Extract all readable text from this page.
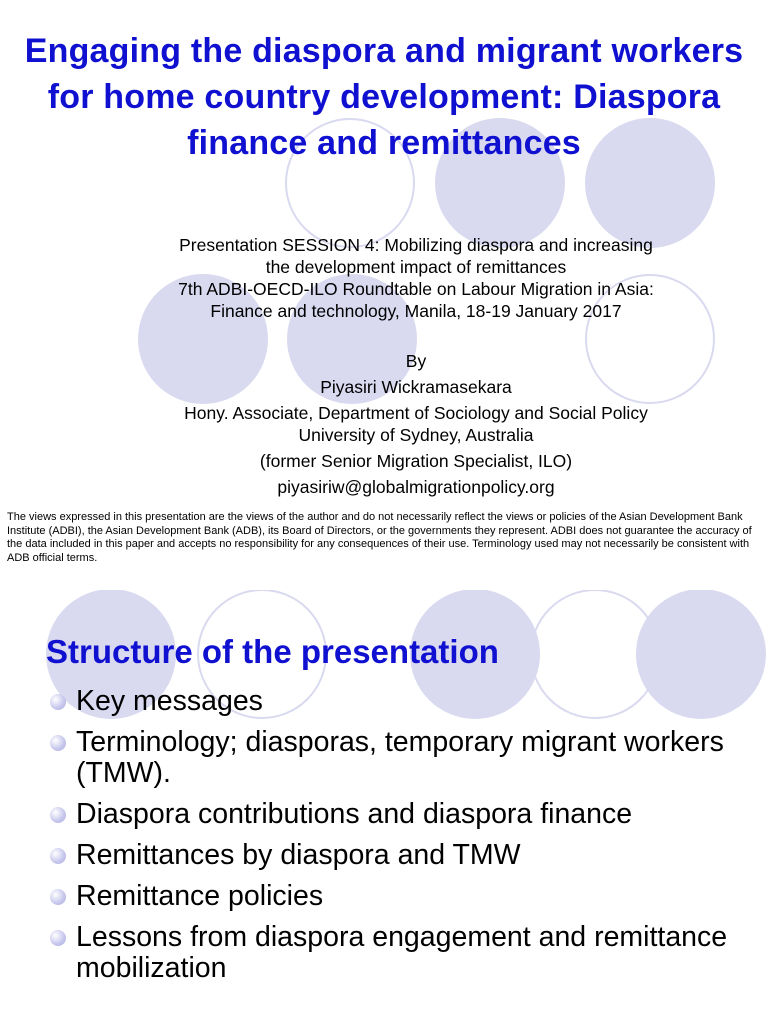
Engaging the diaspora and migrant workers for home country development: Diaspora finance and remittances
Presentation SESSION 4: Mobilizing diaspora and increasing
the development impact of remittances
7th ADBI-OECD-ILO Roundtable on Labour Migration in Asia:
Finance and technology, Manila, 18-19 January 2017
By
Piyasiri Wickramasekara
Hony. Associate, Department of Sociology and Social Policy
University of Sydney, Australia
(former Senior Migration Specialist, ILO)
piyasiriw@globalmigrationpolicy.org

The views expressed in this presentation are the views of the author and do not necessarily reflect the views or policies of the Asian Development Bank Institute (ADBI), the Asian Development Bank (ADB), its Board of Directors, or the governments they represent. ADBI does not guarantee the accuracy of the data included in this paper and accepts no responsibility for any consequences of their use. Terminology used may not necessarily be consistent with ADB official terms.

Structure of the presentation
Key messages
Terminology; diasporas, temporary migrant workers (TMW).
Diaspora contributions and diaspora finance
Remittances by diaspora and TMW
Remittance policies
Lessons from diaspora engagement and remittance mobilization
